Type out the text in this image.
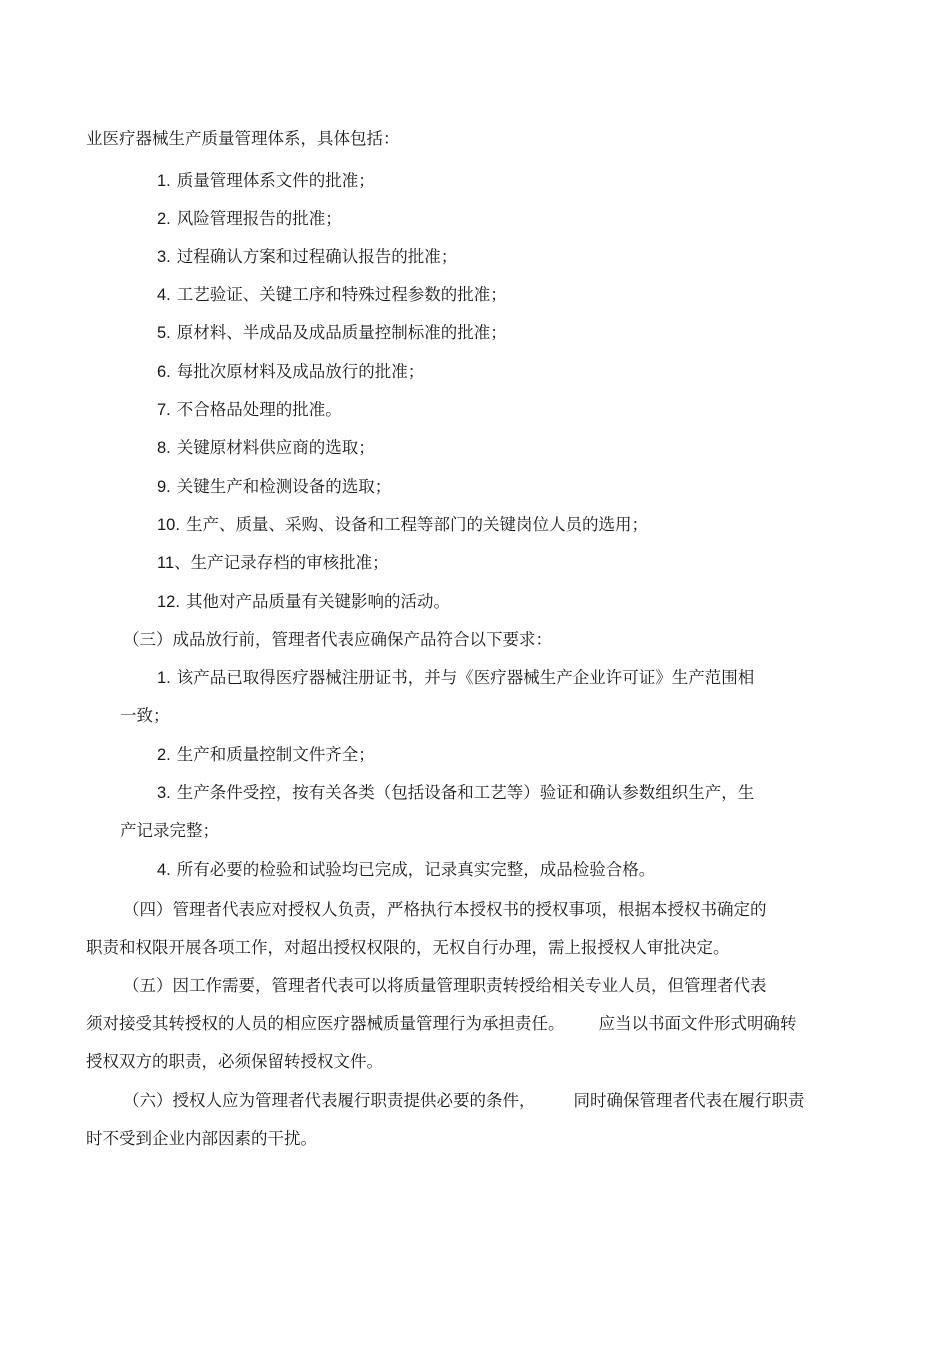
业医疗器械生产质量管理体系，具体包括：
1. 质量管理体系文件的批准；
2. 风险管理报告的批准；
3. 过程确认方案和过程确认报告的批准；
4. 工艺验证、关键工序和特殊过程参数的批准；
5. 原材料、半成品及成品质量控制标准的批准；
6. 每批次原材料及成品放行的批准；
7. 不合格品处理的批准。
8. 关键原材料供应商的选取；
9. 关键生产和检测设备的选取；
10. 生产、质量、采购、设备和工程等部门的关键岗位人员的选用；
11、生产记录存档的审核批准；
12. 其他对产品质量有关键影响的活动。
（三）成品放行前，管理者代表应确保产品符合以下要求：
1. 该产品已取得医疗器械注册证书，并与《医疗器械生产企业许可证》生产范围相
一致；
2. 生产和质量控制文件齐全；
3. 生产条件受控，按有关各类（包括设备和工艺等）验证和确认参数组织生产，生
产记录完整；
4. 所有必要的检验和试验均已完成，记录真实完整，成品检验合格。
（四）管理者代表应对授权人负责，严格执行本授权书的授权事项，根据本授权书确定的
职责和权限开展各项工作，对超出授权权限的，无权自行办理，需上报授权人审批决定。
（五）因工作需要，管理者代表可以将质量管理职责转授给相关专业人员，但管理者代表
须对接受其转授权的人员的相应医疗器械质量管理行为承担责任。 应当以书面文件形式明确转
授权双方的职责，必须保留转授权文件。
（六）授权人应为管理者代表履行职责提供必要的条件， 同时确保管理者代表在履行职责
时不受到企业内部因素的干扰。
